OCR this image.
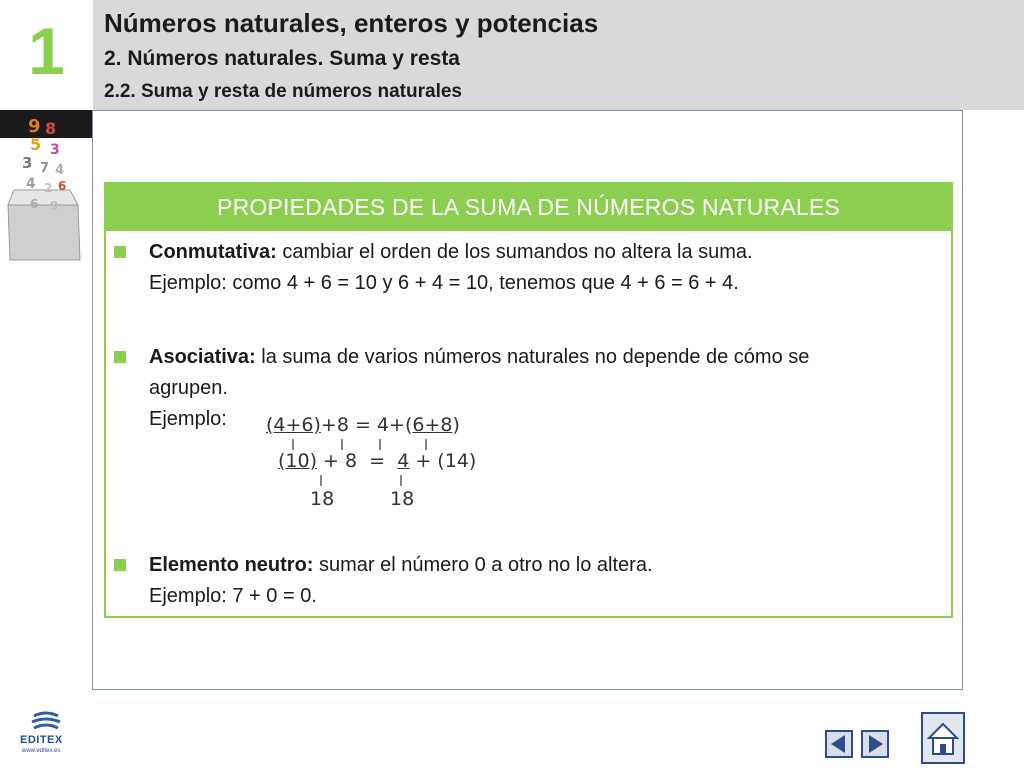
1 Números naturales, enteros y potencias
2. Números naturales. Suma y resta
2.2. Suma y resta de números naturales
9 8
5 3
3 7 4
4 2 6
6 9	PROPIEDADES DE LA SUMA DE NÚMEROS NATURALES
Conmutativa: cambiar el orden de los sumandos no altera la suma.
Ejemplo: como 4 + 6 = 10 y 6 + 4 = 10, tenemos que 4 + 6 = 6 + 4.
Asociativa: la suma de varios números naturales no depende de cómo se
agrupen.
Ejemplo:	(4+6)+8 = 4+(6+8)
(10) + 8  =  4 + (14)
18	18
Elemento neutro: sumar el número 0 a otro no lo altera.
Ejemplo: 7 + 0 = 0.
EDITEX
www.editex.es
